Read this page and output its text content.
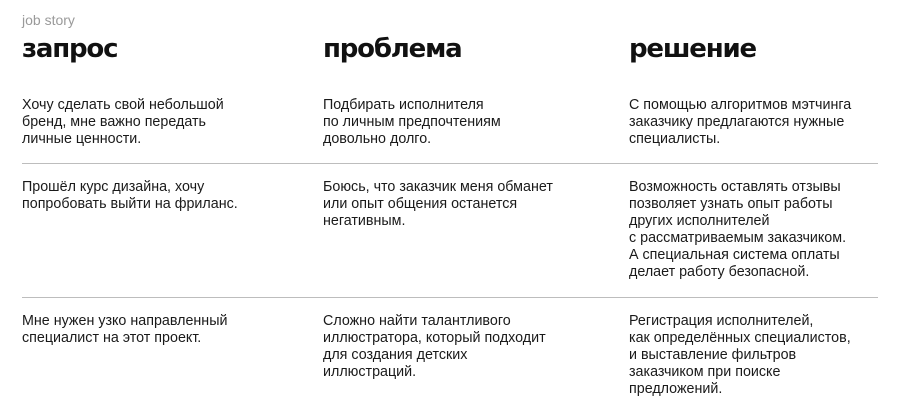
job story
запрос	проблема	решение
Хочу сделать свой небольшой
бренд, мне важно передать
личные ценности.
Подбирать исполнителя
по личным предпочтениям
довольно долго.
С помощью алгоритмов мэтчинга
заказчику предлагаются нужные
специалисты.
Прошёл курс дизайна, хочу
попробовать выйти на фриланс.
Боюсь, что заказчик меня обманет
или опыт общения останется
негативным.
Возможность оставлять отзывы
позволяет узнать опыт работы
других исполнителей
с рассматриваемым заказчиком.
А специальная система оплаты
делает работу безопасной.
Мне нужен узко направленный
специалист на этот проект.
Сложно найти талантливого
иллюстратора, который подходит
для создания детских
иллюстраций.
Регистрация исполнителей,
как определённых специалистов,
и выставление фильтров
заказчиком при поиске
предложений.
